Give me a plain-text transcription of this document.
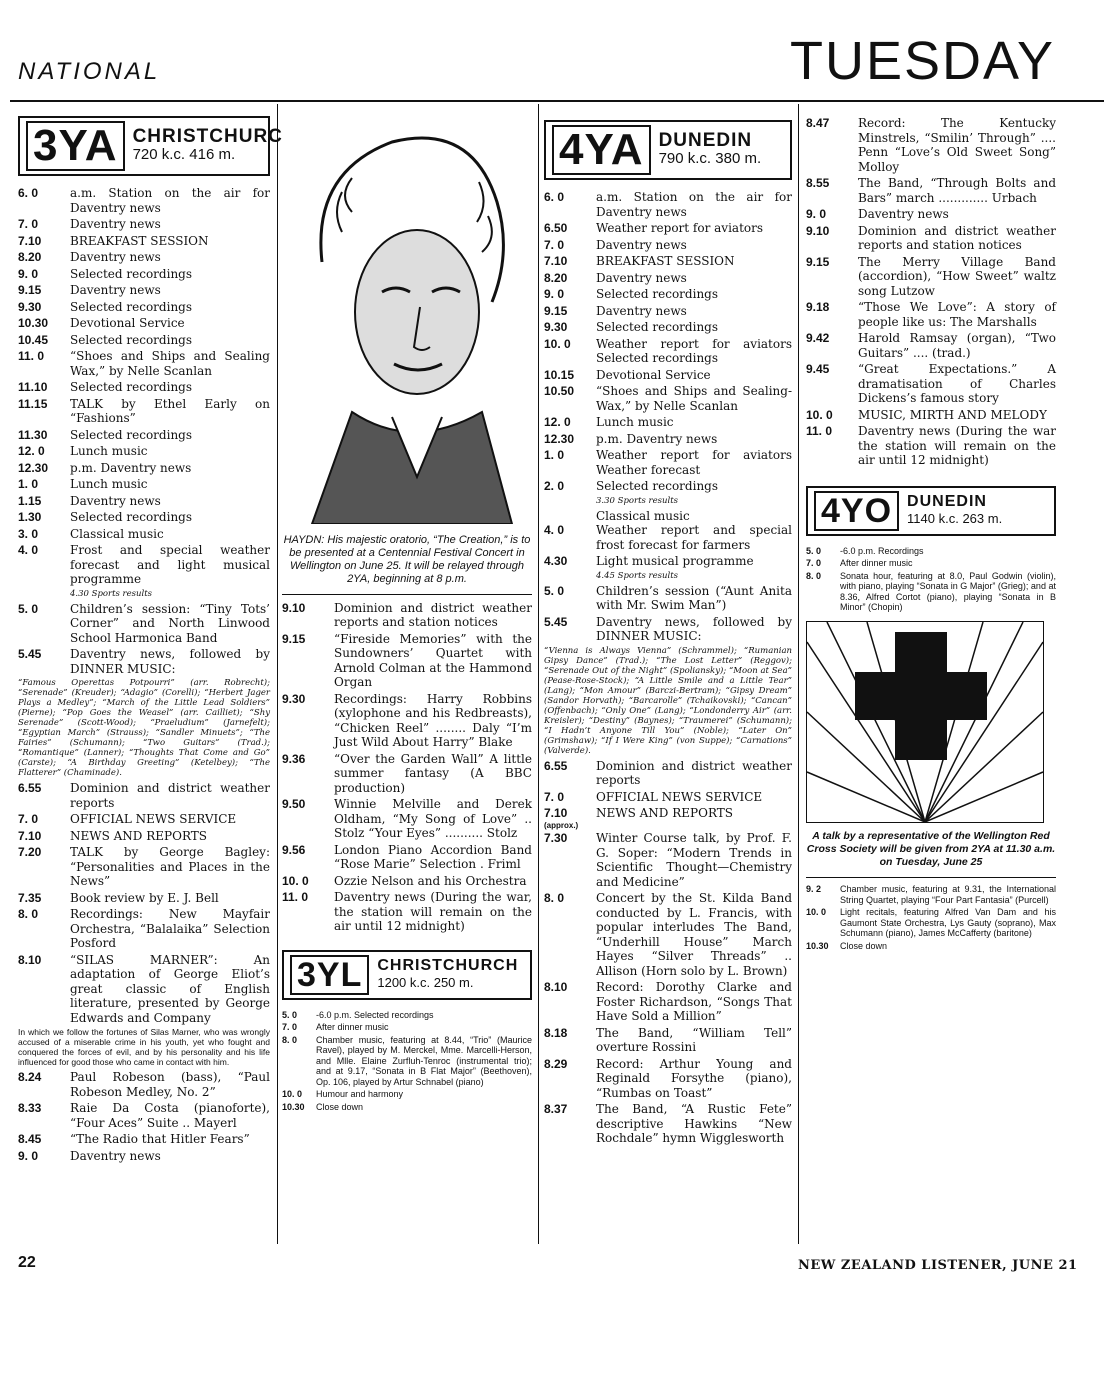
NATIONAL	TUESDAY
3YA CHRISTCHURCH
720 k.c. 416 m.
6. 0	a.m. Station on the air for Daventry news
7. 0	Daventry news
7.10	BREAKFAST SESSION
8.20	Daventry news
9. 0	Selected recordings
9.15	Daventry news
9.30	Selected recordings
10.30	Devotional Service
10.45	Selected recordings
11. 0	“Shoes and Ships and Sealing Wax,” by Nelle Scanlan
11.10	Selected recordings
11.15	TALK by Ethel Early on “Fashions”
11.30	Selected recordings
12. 0	Lunch music
12.30	p.m. Daventry news
1. 0	Lunch music
1.15	Daventry news
1.30	Selected recordings
3. 0	Classical music
4. 0	Frost and special weather forecast and light musical programme
4.30 Sports results
5. 0	Children’s session: “Tiny Tots’ Corner” and North Linwood School Harmonica Band
5.45	Daventry news, followed by DINNER MUSIC:
“Famous Operettas Potpourri” (arr. Robrecht); “Serenade” (Kreuder); “Adagio” (Corelli); “Herbert Jager Plays a Medley”; “March of the Little Lead Soldiers” (Pierne); “Pop Goes the Weasel” (arr. Cailliet); “Shy Serenade” (Scott-Wood); “Praeludium” (Jarnefelt); “Egyptian March” (Strauss); “Sandler Minuets”; “The Fairies” (Schumann); “Two Guitars” (Trad.); “Romantique” (Lanner); “Thoughts That Come and Go” (Carste); “A Birthday Greeting” (Ketelbey); “The Flatterer” (Chaminade).
6.55	Dominion and district weather reports
7. 0	OFFICIAL NEWS SERVICE
7.10	NEWS AND REPORTS
7.20	TALK by George Bagley: “Personalities and Places in the News”
7.35	Book review by E. J. Bell
8. 0	Recordings: New Mayfair Orchestra, “Balalaika” Selection Posford
8.10	“SILAS MARNER”: An adaptation of George Eliot’s great classic of English literature, presented by George Edwards and Company
In which we follow the fortunes of Silas Marner, who was wrongly accused of a miserable crime in his youth, yet who fought and conquered the forces of evil, and by his personality and his life influenced for good those who came in contact with him.
8.24	Paul Robeson (bass), “Paul Robeson Medley, No. 2”
8.33	Raie Da Costa (pianoforte), “Four Aces” Suite .. Mayerl
8.45	“The Radio that Hitler Fears”
9. 0	Daventry news
HAYDN: His majestic oratorio, “The Creation,” is to be presented at a Centennial Festival Concert in Wellington on June 25. It will be relayed through 2YA, beginning at 8 p.m.
9.10	Dominion and district weather reports and station notices
9.15	“Fireside Memories” with the Sundowners’ Quartet with Arnold Colman at the Hammond Organ
9.30	Recordings: Harry Robbins (xylophone and his Redbreasts), “Chicken Reel” ........ Daly “I’m Just Wild About Harry” Blake
9.36	“Over the Garden Wall” A little summer fantasy (A BBC production)
9.50	Winnie Melville and Derek Oldham, “My Song of Love” .. Stolz “Your Eyes” .......... Stolz
9.56	London Piano Accordion Band “Rose Marie” Selection . Friml
10. 0	Ozzie Nelson and his Orchestra
11. 0	Daventry news (During the war, the station will remain on the air until 12 midnight)
3YL CHRISTCHURCH
1200 k.c. 250 m.
5. 0	-6.0 p.m. Selected recordings
7. 0	After dinner music
8. 0	Chamber music, featuring at 8.44, “Trio” (Maurice Ravel), played by M. Merckel, Mme. Marcelli-Herson, and Mlle. Elaine Zurfluh-Tenroc (instrumental trio); and at 9.17, “Sonata in B Flat Major” (Beethoven), Op. 106, played by Artur Schnabel (piano)
10. 0	Humour and harmony
10.30	Close down
4YA DUNEDIN
790 k.c. 380 m.
6. 0	a.m. Station on the air for Daventry news
6.50	Weather report for aviators
7. 0	Daventry news
7.10	BREAKFAST SESSION
8.20	Daventry news
9. 0	Selected recordings
9.15	Daventry news
9.30	Selected recordings
10. 0	Weather report for aviators Selected recordings
10.15	Devotional Service
10.50	“Shoes and Ships and Sealing-Wax,” by Nelle Scanlan
12. 0	Lunch music
12.30	p.m. Daventry news
1. 0	Weather report for aviators Weather forecast
2. 0	Selected recordings
3.30 Sports results
Classical music
4. 0	Weather report and special frost forecast for farmers
4.30	Light musical programme
4.45 Sports results
5. 0	Children’s session (“Aunt Anita with Mr. Swim Man”)
5.45	Daventry news, followed by DINNER MUSIC:
“Vienna is Always Vienna” (Schrammel); “Rumanian Gipsy Dance” (Trad.); “The Lost Letter” (Reggov); “Serenade Out of the Night” (Spoliansky); “Moon at Sea” (Pease-Rose-Stock); “A Little Smile and a Little Tear” (Lang); “Mon Amour” (Barczi-Bertram); “Gipsy Dream” (Sandor Horvath); “Barcarolle” (Tchaikovski); “Cancan” (Offenbach); “Only One” (Lang); “Londonderry Air” (arr. Kreisler); “Destiny” (Baynes); “Traumerei” (Schumann); “I Hadn’t Anyone Till You” (Noble); “Later On” (Grimshaw); “If I Were King” (von Suppe); “Carnations” (Valverde).
6.55	Dominion and district weather reports
7. 0	OFFICIAL NEWS SERVICE
7.10	NEWS AND REPORTS
(approx.)
7.30	Winter Course talk, by Prof. F. G. Soper: “Modern Trends in Scientific Thought—Chemistry and Medicine”
8. 0	Concert by the St. Kilda Band conducted by L. Francis, with popular interludes The Band, “Underhill House” March Hayes “Silver Threads” .. Allison (Horn solo by L. Brown)
8.10	Record: Dorothy Clarke and Foster Richardson, “Songs That Have Sold a Million”
8.18	The Band, “William Tell” overture Rossini
8.29	Record: Arthur Young and Reginald Forsythe (piano), “Rumbas on Toast”
8.37	The Band, “A Rustic Fete” descriptive Hawkins “New Rochdale” hymn Wigglesworth
8.47	Record: The Kentucky Minstrels, “Smilin’ Through” .... Penn “Love’s Old Sweet Song” Molloy
8.55	The Band, “Through Bolts and Bars” march ............. Urbach
9. 0	Daventry news
9.10	Dominion and district weather reports and station notices
9.15	The Merry Village Band (accordion), “How Sweet” waltz song Lutzow
9.18	“Those We Love”: A story of people like us: The Marshalls
9.42	Harold Ramsay (organ), “Two Guitars” .... (trad.)
9.45	“Great Expectations.” A dramatisation of Charles Dickens’s famous story
10. 0	MUSIC, MIRTH AND MELODY
11. 0	Daventry news (During the war the station will remain on the air until 12 midnight)
4YO DUNEDIN
1140 k.c. 263 m.
5. 0	-6.0 p.m. Recordings
7. 0	After dinner music
8. 0	Sonata hour, featuring at 8.0, Paul Godwin (violin), with piano, playing “Sonata in G Major” (Grieg); and at 8.36, Alfred Cortot (piano), playing “Sonata in B Minor” (Chopin)
A talk by a representative of the Wellington Red Cross Society will be given from 2YA at 11.30 a.m. on Tuesday, June 25
9. 2	Chamber music, featuring at 9.31, the International String Quartet, playing “Four Part Fantasia” (Purcell)
10. 0	Light recitals, featuring Alfred Van Dam and his Gaumont State Orchestra, Lys Gauty (soprano), Max Schumann (piano), James McCafferty (baritone)
10.30	Close down
22	NEW ZEALAND LISTENER, JUNE 21
